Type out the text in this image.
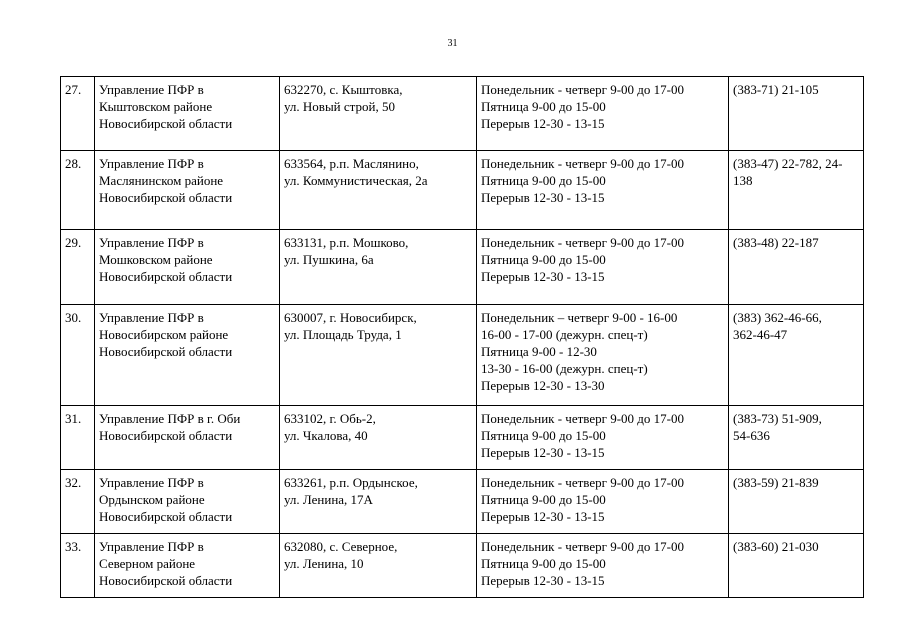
31
27.	Управление ПФР в
Кыштовском районе
Новосибирской области	632270, с. Кыштовка,
ул. Новый строй, 50	Понедельник - четверг 9-00 до 17-00
Пятница 9-00 до 15-00
Перерыв 12-30 - 13-15	(383-71) 21-105

28.	Управление ПФР в
Маслянинском районе
Новосибирской области	633564, р.п. Маслянино,
ул. Коммунистическая, 2а	Понедельник - четверг 9-00 до 17-00
Пятница 9-00 до 15-00
Перерыв 12-30 - 13-15	(383-47) 22-782, 24-
138

29.	Управление ПФР в
Мошковском районе
Новосибирской области	633131, р.п. Мошково,
ул. Пушкина, 6а	Понедельник - четверг 9-00 до 17-00
Пятница 9-00 до 15-00
Перерыв 12-30 - 13-15	(383-48) 22-187

30.	Управление ПФР в
Новосибирском районе
Новосибирской области	630007, г. Новосибирск,
ул. Площадь Труда, 1	Понедельник – четверг 9-00 - 16-00
16-00 - 17-00 (дежурн. спец-т)
Пятница 9-00 - 12-30
13-30 - 16-00 (дежурн. спец-т)
Перерыв 12-30 - 13-30	(383) 362-46-66,
362-46-47

31.	Управление ПФР в г. Оби
Новосибирской области	633102, г. Обь-2,
ул. Чкалова, 40	Понедельник - четверг 9-00 до 17-00
Пятница 9-00 до 15-00
Перерыв 12-30 - 13-15	(383-73) 51-909,
54-636

32.	Управление ПФР в
Ордынском районе
Новосибирской области	633261, р.п. Ордынское,
ул. Ленина, 17А	Понедельник - четверг 9-00 до 17-00
Пятница 9-00 до 15-00
Перерыв 12-30 - 13-15	(383-59) 21-839

33.	Управление ПФР в
Северном районе
Новосибирской области	632080, с. Северное,
ул. Ленина, 10	Понедельник - четверг 9-00 до 17-00
Пятница 9-00 до 15-00
Перерыв 12-30 - 13-15	(383-60) 21-030
